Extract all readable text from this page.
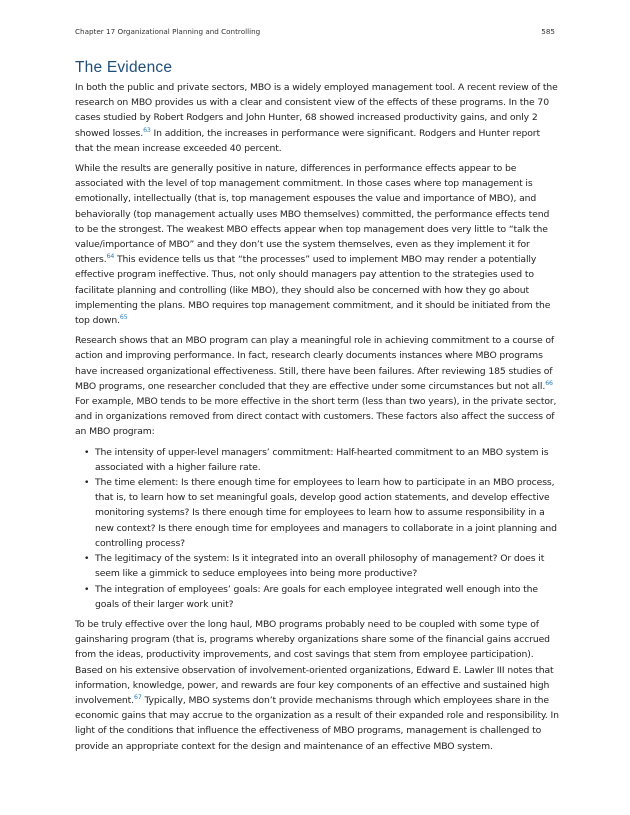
Chapter 17 Organizational Planning and Controlling	585
The Evidence

In both the public and private sectors, MBO is a widely employed management tool. A recent review of the research on MBO provides us with a clear and consistent view of the effects of these programs. In the 70 cases studied by Robert Rodgers and John Hunter, 68 showed increased productivity gains, and only 2 showed losses.$^{63}$ In addition, the increases in performance were significant. Rodgers and Hunter report that the mean increase exceeded 40 percent.

While the results are generally positive in nature, differences in performance effects appear to be associated with the level of top management commitment. In those cases where top management is emotionally, intellectually (that is, top management espouses the value and importance of MBO), and behaviorally (top management actually uses MBO themselves) committed, the performance effects tend to be the strongest. The weakest MBO effects appear when top management does very little to “talk the value/importance of MBO” and they don’t use the system themselves, even as they implement it for others.$^{64}$ This evidence tells us that “the processes” used to implement MBO may render a potentially effective program ineffective. Thus, not only should managers pay attention to the strategies used to facilitate planning and controlling (like MBO), they should also be concerned with how they go about implementing the plans. MBO requires top management commitment, and it should be initiated from the top down.$^{65}$

Research shows that an MBO program can play a meaningful role in achieving commitment to a course of action and improving performance. In fact, research clearly documents instances where MBO programs have increased organizational effectiveness. Still, there have been failures. After reviewing 185 studies of MBO programs, one researcher concluded that they are effective under some circumstances but not all.$^{66}$ For example, MBO tends to be more effective in the short term (less than two years), in the private sector, and in organizations removed from direct contact with customers. These factors also affect the success of an MBO program:

• The intensity of upper-level managers’ commitment: Half-hearted commitment to an MBO system is associated with a higher failure rate.
• The time element: Is there enough time for employees to learn how to participate in an MBO process, that is, to learn how to set meaningful goals, develop good action statements, and develop effective monitoring systems? Is there enough time for employees to learn how to assume responsibility in a new context? Is there enough time for employees and managers to collaborate in a joint planning and controlling process?
• The legitimacy of the system: Is it integrated into an overall philosophy of management? Or does it seem like a gimmick to seduce employees into being more productive?
• The integration of employees’ goals: Are goals for each employee integrated well enough into the goals of their larger work unit?

To be truly effective over the long haul, MBO programs probably need to be coupled with some type of gainsharing program (that is, programs whereby organizations share some of the financial gains accrued from the ideas, productivity improvements, and cost savings that stem from employee participation). Based on his extensive observation of involvement-oriented organizations, Edward E. Lawler III notes that information, knowledge, power, and rewards are four key components of an effective and sustained high involvement.$^{67}$ Typically, MBO systems don’t provide mechanisms through which employees share in the economic gains that may accrue to the organization as a result of their expanded role and responsibility. In light of the conditions that influence the effectiveness of MBO programs, management is challenged to provide an appropriate context for the design and maintenance of an effective MBO system.
